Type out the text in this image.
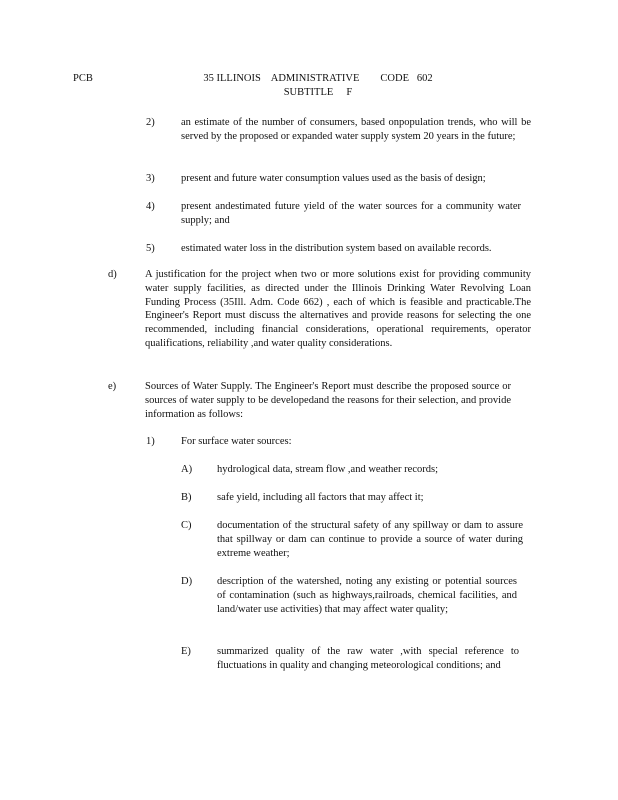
PCB	35 ILLINOIS    ADMINISTRATIVE        CODE   602
SUBTITLE     F
2)	an estimate of the number of consumers, based onpopulation trends, who will be served by the proposed or expanded water supply system 20 years in the future;
3)	present and future water consumption values used as the basis of design;
4)	present andestimated future yield of the water sources for a community water supply; and
5)	estimated water loss in the distribution system based on available records.
d)	A justification for the project when two or more solutions exist for providing community water supply facilities, as directed under the Illinois Drinking Water Revolving Loan Funding Process (35Ill. Adm. Code 662) , each of which is feasible and practicable.The Engineer's Report must discuss the alternatives and provide reasons for selecting the one recommended, including financial considerations, operational requirements, operator qualifications, reliability ,and water quality considerations.
e)	Sources of Water Supply. The Engineer's Report must describe the proposed source or sources of water supply to be developedand the reasons for their selection, and provide information as follows:
1)	For surface water sources:
A) hydrological data, stream flow ,and weather records;
B) safe yield, including all factors that may affect it;
C) documentation of the structural safety of any spillway or dam to assure that spillway or dam can continue to provide a source of water during extreme weather;
D) description of the watershed, noting any existing or potential sources of contamination (such as highways,railroads, chemical facilities, and land/water use activities) that may affect water quality;
E) summarized quality of the raw water ,with special reference to fluctuations in quality and changing meteorological conditions; and
